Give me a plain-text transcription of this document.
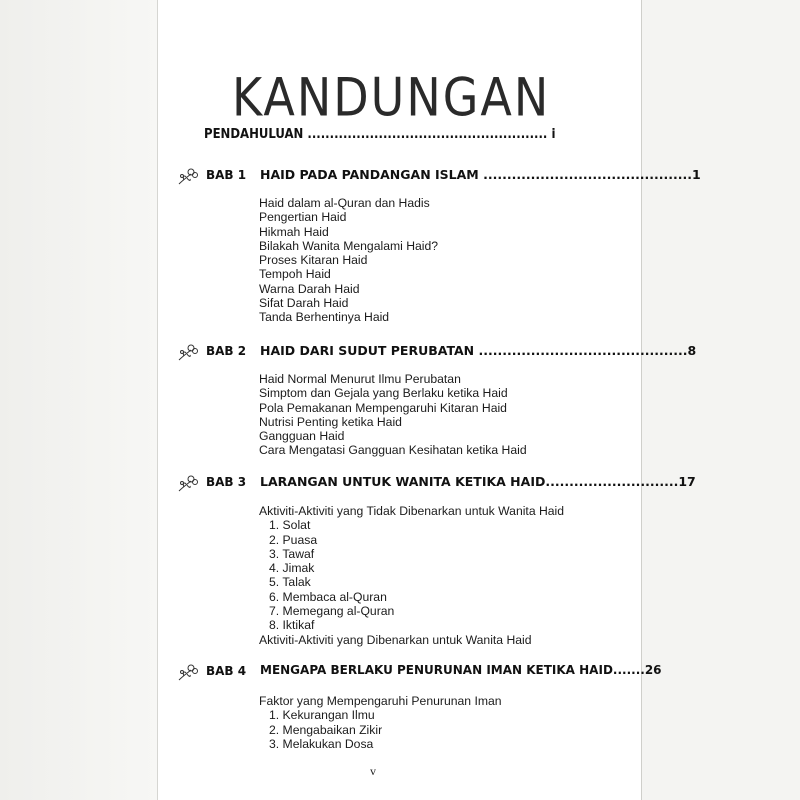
KANDUNGAN
PENDAHULUAN ...................................................... i
BAB 1 HAID PADA PANDANGAN ISLAM ............................................1
Haid dalam al-Quran dan Hadis
Pengertian Haid
Hikmah Haid
Bilakah Wanita Mengalami Haid?
Proses Kitaran Haid
Tempoh Haid
Warna Darah Haid
Sifat Darah Haid
Tanda Berhentinya Haid
BAB 2 HAID DARI SUDUT PERUBATAN ............................................8
Haid Normal Menurut Ilmu Perubatan
Simptom dan Gejala yang Berlaku ketika Haid
Pola Pemakanan Mempengaruhi Kitaran Haid
Nutrisi Penting ketika Haid
Gangguan Haid
Cara Mengatasi Gangguan Kesihatan ketika Haid
BAB 3 LARANGAN UNTUK WANITA KETIKA HAID............................17
Aktiviti-Aktiviti yang Tidak Dibenarkan untuk Wanita Haid
1. Solat
2. Puasa
3. Tawaf
4. Jimak
5. Talak
6. Membaca al-Quran
7. Memegang al-Quran
8. Iktikaf
Aktiviti-Aktiviti yang Dibenarkan untuk Wanita Haid
BAB 4 MENGAPA BERLAKU PENURUNAN IMAN KETIKA HAID.......26
Faktor yang Mempengaruhi Penurunan Iman
1. Kekurangan Ilmu
2. Mengabaikan Zikir
3. Melakukan Dosa
v
